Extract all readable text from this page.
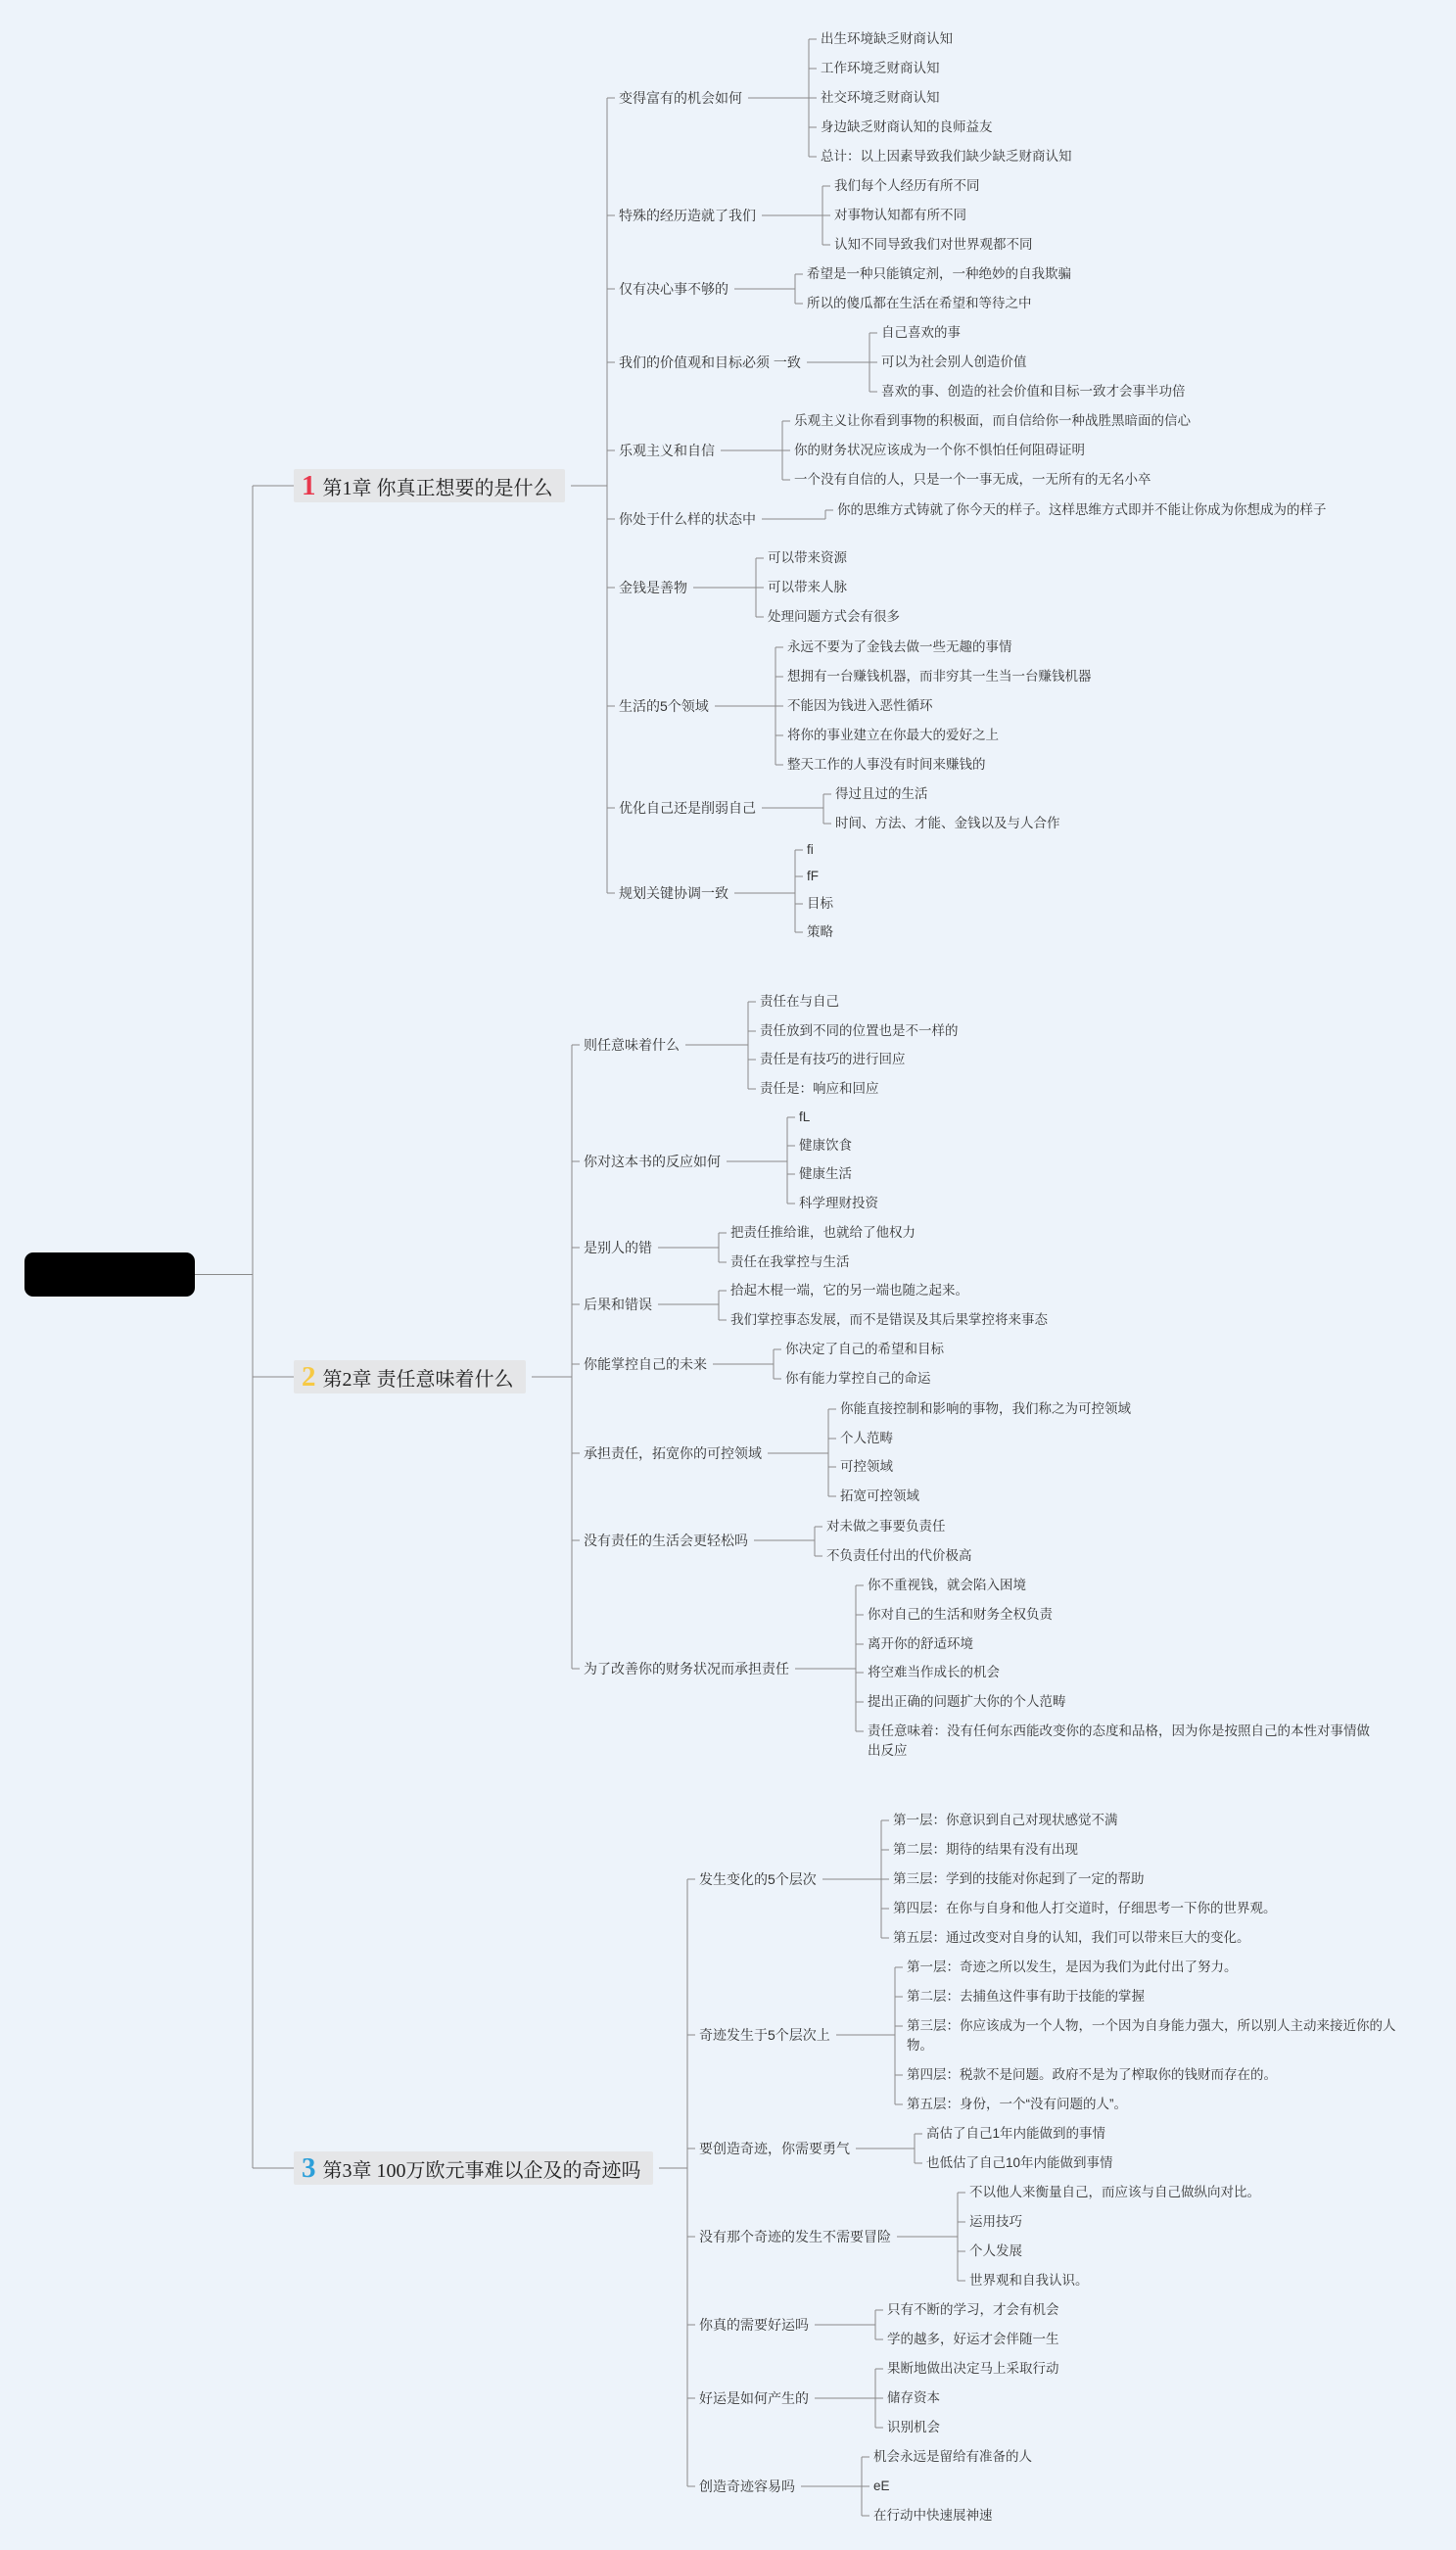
1 第1章 你真正想要的是什么
变得富有的机会如何
出生环境缺乏财商认知
工作环境乏财商认知
社交环境乏财商认知
身边缺乏财商认知的良师益友
总计：以上因素导致我们缺少缺乏财商认知
特殊的经历造就了我们
我们每个人经历有所不同
对事物认知都有所不同
认知不同导致我们对世界观都不同
仅有决心事不够的
希望是一种只能镇定剂，一种绝妙的自我欺骗
所以的傻瓜都在生活在希望和等待之中
我们的价值观和目标必须 一致
自己喜欢的事
可以为社会别人创造价值
喜欢的事、创造的社会价值和目标一致才会事半功倍
乐观主义和自信
乐观主义让你看到事物的积极面，而自信给你一种战胜黑暗面的信心
你的财务状况应该成为一个你不惧怕任何阻碍证明
一个没有自信的人，只是一个一事无成，一无所有的无名小卒
你处于什么样的状态中
你的思维方式铸就了你今天的样子。这样思维方式即并不能让你成为你想成为的样子
金钱是善物
可以带来资源
可以带来人脉
处理问题方式会有很多
生活的5个领域
永远不要为了金钱去做一些无趣的事情
想拥有一台赚钱机器，而非穷其一生当一台赚钱机器
不能因为钱进入恶性循环
将你的事业建立在你最大的爱好之上
整天工作的人事没有时间来赚钱的
优化自己还是削弱自己
得过且过的生活
时间、方法、才能、金钱以及与人合作
规划关键协调一致
fi
fF
目标
策略
2 第2章 责任意味着什么
则任意味着什么
责任在与自己
责任放到不同的位置也是不一样的
责任是有技巧的进行回应
责任是：响应和回应
你对这本书的反应如何
fL
健康饮食
健康生活
科学理财投资
是别人的错
把责任推给谁，也就给了他权力
责任在我掌控与生活
后果和错误
拾起木棍一端，它的另一端也随之起来。
我们掌控事态发展，而不是错误及其后果掌控将来事态
你能掌控自己的未来
你决定了自己的希望和目标
你有能力掌控自己的命运
承担责任，拓宽你的可控领域
你能直接控制和影响的事物，我们称之为可控领域
个人范畴
可控领域
拓宽可控领域
没有责任的生活会更轻松吗
对未做之事要负责任
不负责任付出的代价极高
为了改善你的财务状况而承担责任
你不重视钱，就会陷入困境
你对自己的生活和财务全权负责
离开你的舒适环境
将空难当作成长的机会
提出正确的问题扩大你的个人范畴
责任意味着：没有任何东西能改变你的态度和品格，因为你是按照自己的本性对事情做出反应
3 第3章 100万欧元事难以企及的奇迹吗
发生变化的5个层次
第一层：你意识到自己对现状感觉不满
第二层：期待的结果有没有出现
第三层：学到的技能对你起到了一定的帮助
第四层：在你与自身和他人打交道时，仔细思考一下你的世界观。
第五层：通过改变对自身的认知，我们可以带来巨大的变化。
奇迹发生于5个层次上
第一层：奇迹之所以发生，是因为我们为此付出了努力。
第二层：去捕鱼这件事有助于技能的掌握
第三层：你应该成为一个人物，一个因为自身能力强大，所以别人主动来接近你的人物。
第四层：税款不是问题。政府不是为了榨取你的钱财而存在的。
第五层：身份，一个“没有问题的人”。
要创造奇迹，你需要勇气
高估了自己1年内能做到的事情
也低估了自己10年内能做到事情
没有那个奇迹的发生不需要冒险
不以他人来衡量自己，而应该与自己做纵向对比。
运用技巧
个人发展
世界观和自我认识。
你真的需要好运吗
只有不断的学习，才会有机会
学的越多，好运才会伴随一生
好运是如何产生的
果断地做出决定马上采取行动
储存资本
识别机会
创造奇迹容易吗
机会永远是留给有准备的人
eE
在行动中快速展神速
